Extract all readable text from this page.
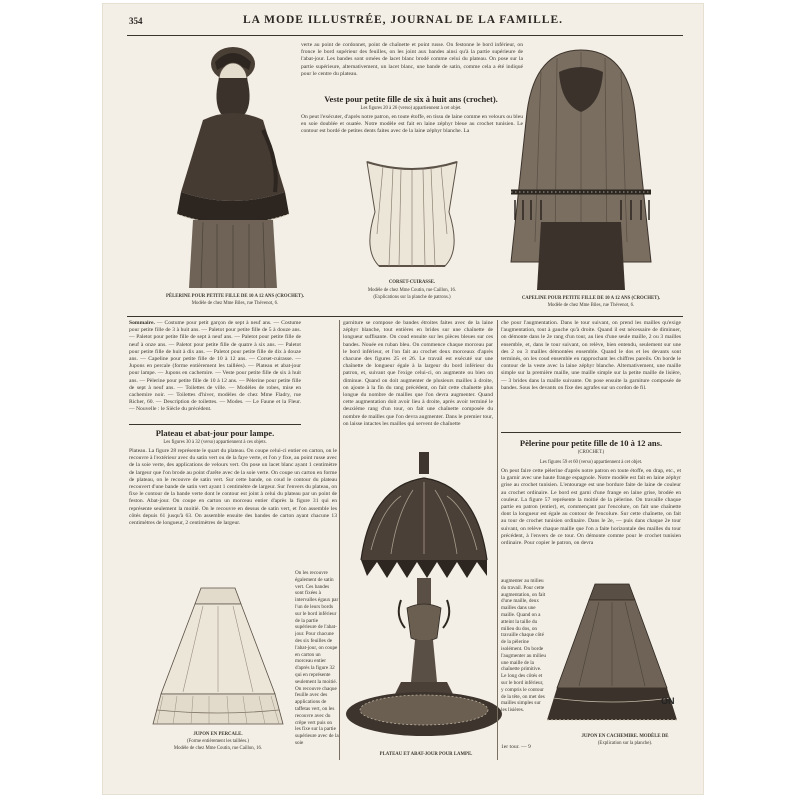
354	LA MODE ILLUSTRÉE, JOURNAL DE LA FAMILLE.
PÈLERINE POUR PETITE FILLE DE 10 A 12 ANS (CROCHET).
Modèle de chez Mme Biles, rue Thévenot, 6.
verte au point de cordonnet, point de chaînette et point russe. On festonne le bord inférieur, on fronce le bord supérieur des feuilles, on les joint aux bandes ainsi qu'à la partie supérieure de l'abat-jour. Les bandes sont ornées de lacet blanc brodé comme celui du plateau. On pose sur la partie supérieure, alternativement, un lacet blanc, une bande de satin, comme cela a été indiqué pour le centre du plateau.
Veste pour petite fille de six à huit ans (crochet).
Les figures 20 à 26 (verso) appartiennent à cet objet.
On peut l'exécuter, d'après notre patron, en toute étoffe, en tissu de laine comme en velours ou bleu en soie doublée et ouatée. Notre modèle est fait en laine zéphyr bleue au crochet tunisien. Le contour est bordé de petites dents faites avec de la laine zéphyr blanche. La
CORSET-CUIRASSE.
Modèle de chez Mme Coutin, rue Caillon, 16.
(Explications sur la planche de patrons.)	CAPELINE POUR PETITE FILLE DE 10 A 12 ANS (CROCHET).
Modèle de chez Mme Biles, rue Thévenot, 6.
Sommaire. — Costume pour petit garçon de sept à neuf ans. — Costume pour petite fille de 3 à huit ans. — Paletot pour petite fille de 5 à douze ans. — Paletot pour petite fille de sept à neuf ans. — Paletot pour petite fille de neuf à onze ans. — Paletot pour petite fille de quatre à six ans. — Paletot pour petite fille de huit à dix ans. — Paletot pour petite fille de dix à douze ans. — Capeline pour petite fille de 10 à 12 ans. — Corset-cuirasse. — Jupons en percale (forme entièrement les taillées). — Plateau et abat-jour pour lampe. — Jupons en cachemire. — Veste pour petite fille de six à huit ans. — Pèlerine pour petite fille de 10 à 12 ans. — Pèlerine pour petite fille de sept à neuf ans. — Toilettes de ville. — Modèles de robes, mise en cachemire noir. — Toilettes d'hiver, modèles de chez Mme Fladry, rue Richer, 60. — Description de toilettes. — Modes. — Le Faune et la Fleur. — Nouvelle : le Siècle du précédent.
Plateau et abat-jour pour lampe.
Les figures 30 à 32 (verso) appartiennent à ces objets.
Plateau. La figure 28 représente le quart du plateau. On coupe celui-ci entier en carton, on le recouvre à l'extérieur avec du satin vert ou de la faye verte, et l'on y fixe, au point russe avec de la soie verte, des applications de velours vert. On pose un lacet blanc ayant 1 centimètre de largeur que l'on brode au point d'arête avec de la soie verte. On coupe un carton en forme de plateau, on le recouvre de satin vert. Sur cette bande, on coud le contour du plateau recouvert d'une bande de satin vert ayant 1 centimètre de largeur. Sur l'envers du plateau, on fixe le contour de la bande verte dont le contour est joint à celui du plateau par un point de feston. Abat-jour. On coupe en carton un morceau entier d'après la figure 31 qui en représente seulement la moitié. On le recouvre en dessus de satin vert, et l'on assemble les côtés depuis 61 jusqu'à 63. On assemble ensuite des bandes de carton ayant chacune 13 centimètres de longueur, 2 centimètres de largeur.
On les recouvre également de satin vert. Ces bandes sont fixées à intervalles égaux par l'un de leurs bords sur le bord inférieur de la partie supérieure de l'abat-jour. Pour chacune des six feuilles de l'abat-jour, on coupe en carton un morceau entier d'après la figure 32 qui en représente seulement la moitié. On recouvre chaque feuille avec des applications de taffetas vert, on les recouvre avec du crêpe vert puis on les fixe sur la partie supérieure avec de la soie
JUPON EN PERCALE.
(Forme entièrement les taillées.)
Modèle de chez Mme Coutin, rue Caillon, 16.
garniture se compose de bandes étroites faites avec de la laine zéphyr blanche, tout entières en brides sur une chaînette de longueur suffisante. On coud ensuite sur les pièces bleues sur ces bandes. Nouée en ruban bleu. On commence chaque morceau par le bord inférieur, et l'on fait au crochet deux morceaux d'après chacune des figures 25 et 26. Le travail est exécuté sur une chaînette de longueur égale à la largeur du bord inférieur du patron, et, suivant que l'exige celui-ci, on augmente ou bien on diminue. Quand on doit augmenter de plusieurs mailles à droite, on ajoute à la fin du rang précédent, on fait cette chaînette plus longue du nombre de mailles que l'on devra augmenter. Quand cette augmentation doit avoir lieu à droite, après avoir terminé le deuxième rang d'un tour, on fait une chaînette composée du nombre de mailles que l'on devra augmenter. Dans le premier tour, on laisse intactes les mailles qui servent de chaînette
PLATEAU ET ABAT-JOUR POUR LAMPE.
che pour l'augmentation. Dans le tour suivant, on prend les mailles qu'exige l'augmentation, tout à gauche qu'à droite. Quand il est nécessaire de diminuer, on démonte dans le 2e rang d'un tour, au lieu d'une seule maille, 2 ou 3 mailles ensemble, et, dans le tour suivant, on relève, bien entendu, seulement sur une des 2 ou 3 mailles démontées ensemble. Quand le dos et les devants sont terminés, on les coud ensemble en rapprochant les chiffres pareils. On borde le contour de la veste avec la laine zéphyr blanche. Alternativement, une maille simple sur la première maille, une maille simple sur la petite maille de lisière, — 3 brides dans la maille suivante. On pose ensuite la garniture composée de bandes. Sous les devants on fixe des agrafes sur un cordon de fil.
Pèlerine pour petite fille de 10 à 12 ans.
(CROCHET.)
Les figures 59 et 60 (verso) appartiennent à cet objet.
On peut faire cette pèlerine d'après notre patron en toute étoffe, en drap, etc., et la garnir avec une haute frange espagnole. Notre modèle est fait en laine zéphyr grise au crochet tunisien. L'entourage est une bordure faite de laine de couleur au crochet ordinaire. Le bord est garni d'une frange en laine grise, brodée en couleur. La figure 57 représente la moitié de la pèlerine. On travaille chaque partie en patron (entier), et, commençant par l'encolure, on fait une chaînette dont la longueur est égale au contour de l'encolure. Sur cette chaînette, on fait au tour de crochet tunisien ordinaire. Dans le 2e, — puis dans chaque 2e tour suivant, on relève chaque maille que l'on a faite horizontale des mailles du tour précédent, à l'envers de ce tour. On démonte comme pour le crochet tunisien ordinaire. Pour copier le patron, on devra
augmenter au milieu du travail. Pour cette augmentation, on fait d'une maille, deux mailles dans une maille. Quand on a atteint la taille du milieu du dos, on travaille chaque côté de la pèlerine isolément. On borde l'augmenter au milieu une maille de la chaînette primitive. Le long des côtés et sur le bord inférieur, y compris le contour de la tête, on met des mailles simples sur les lisières.
1er tour. — 9
JUPON EN CACHEMIRE. MODÈLE DE
(Explication sur la planche).
ON
